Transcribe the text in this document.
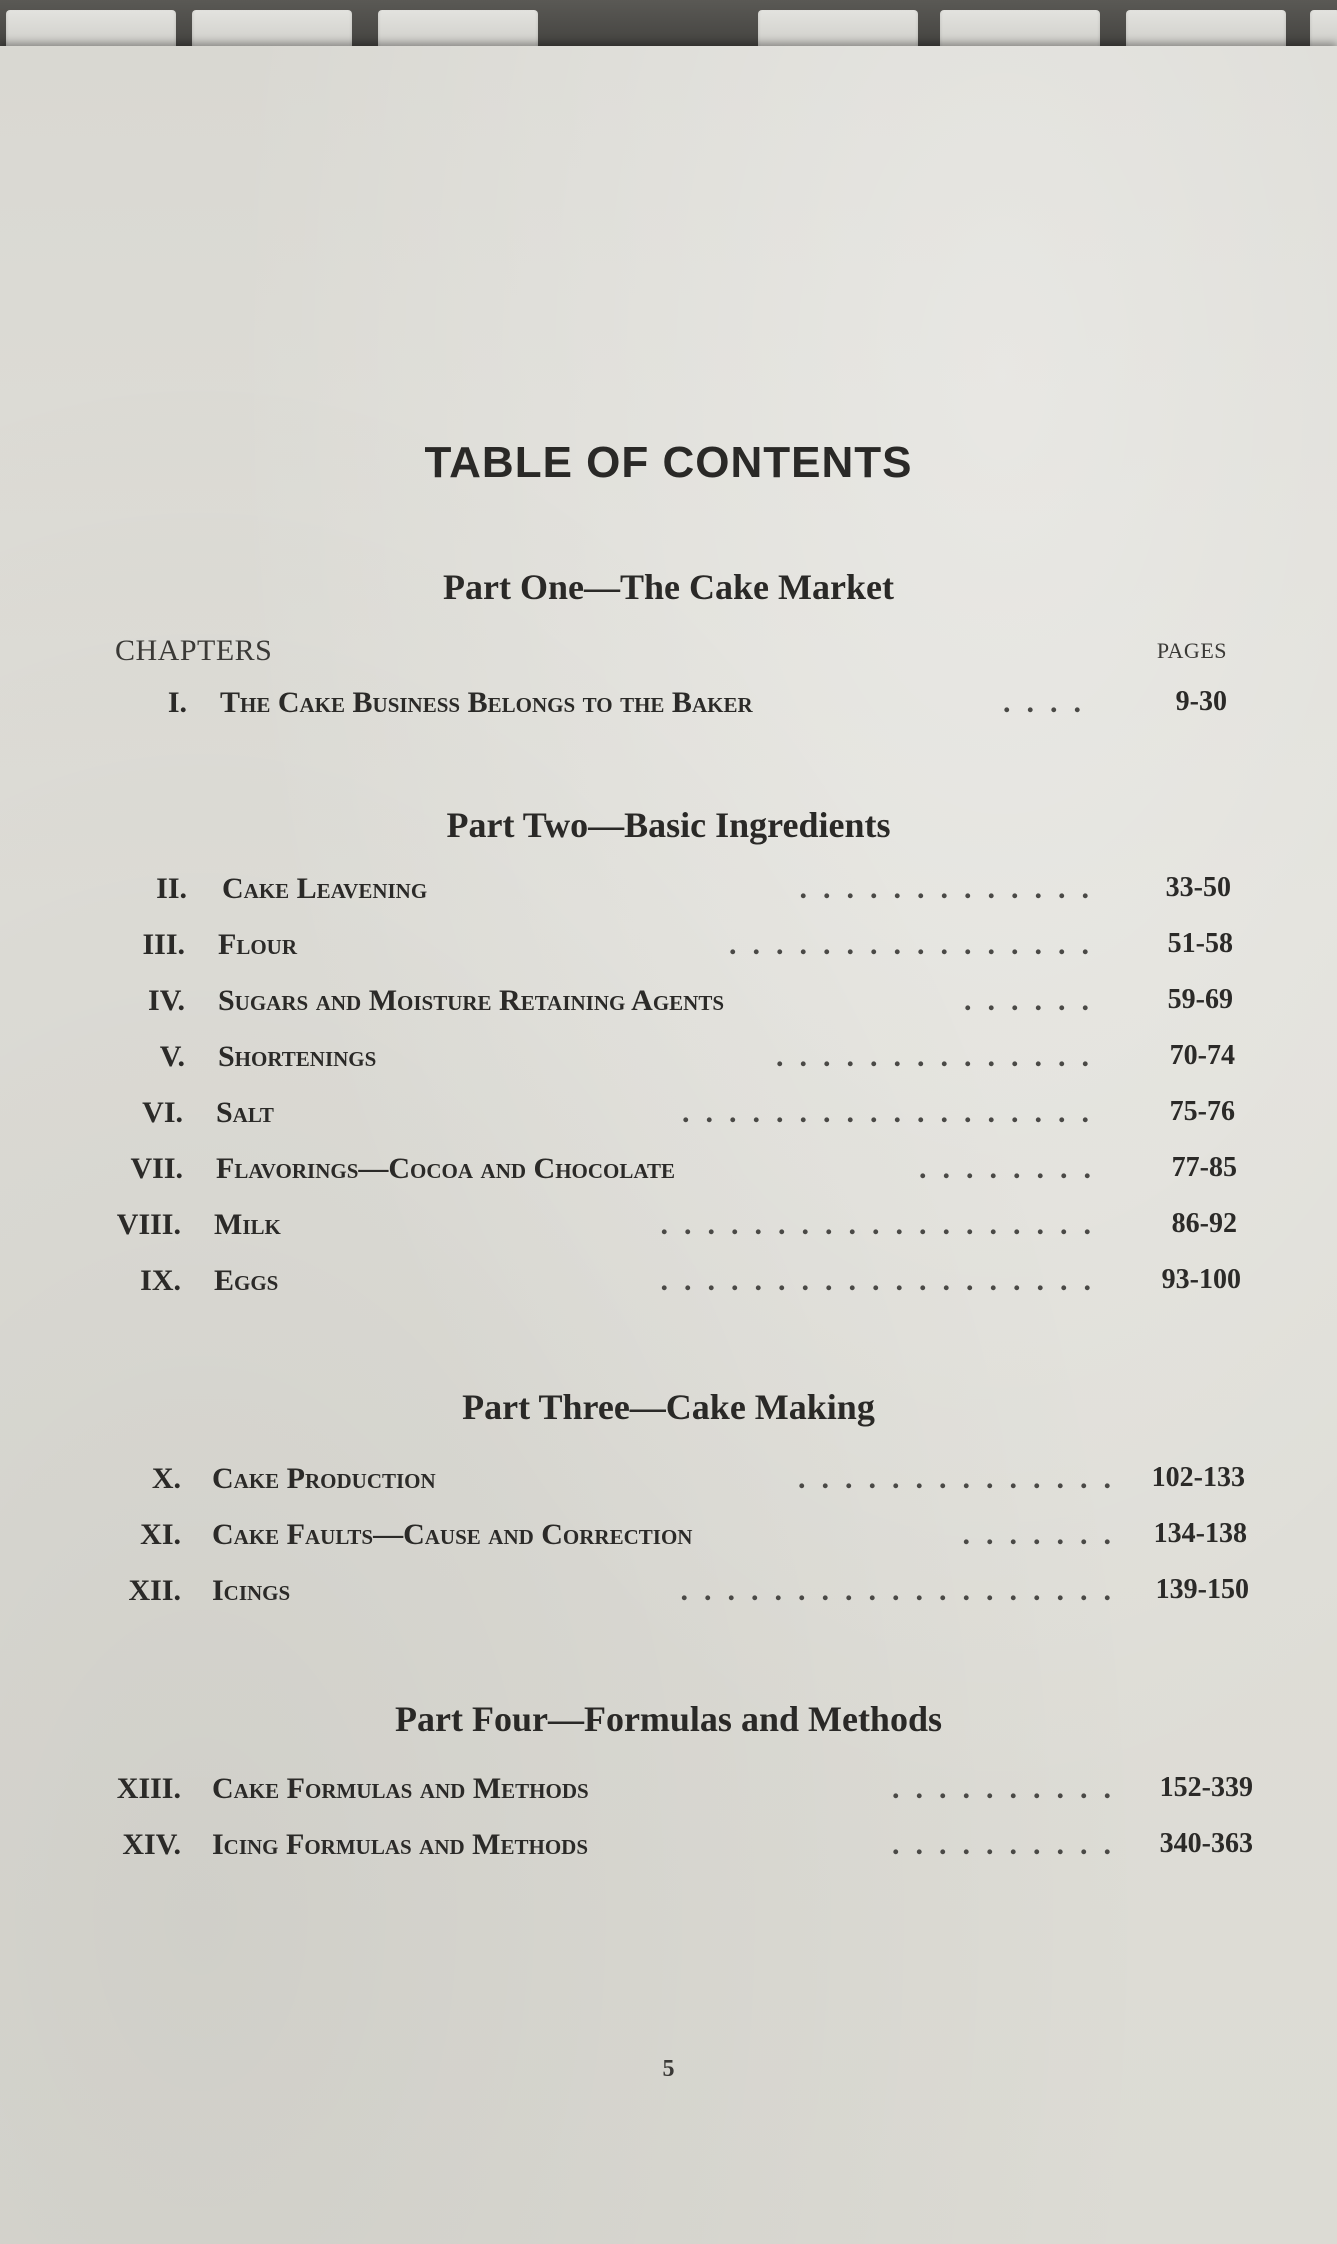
TABLE OF CONTENTS
Part One—The Cake Market
CHAPTERS	PAGES
I. The Cake Business Belongs to the Baker	....	9-30
Part Two—Basic Ingredients
II. Cake Leavening	............. 33-50
III. Flour	................ 51-58
IV. Sugars and Moisture Retaining Agents	...... 59-69
V. Shortenings	.............. 70-74
VI. Salt	.................. 75-76
VII. Flavorings—Cocoa and Chocolate	........ 77-85
VIII. Milk	................... 86-92
IX. Eggs	................... 93-100
Part Three—Cake Making
X. Cake Production	.............. 102-133
XI. Cake Faults—Cause and Correction	....... 134-138
XII. Icings	................... 139-150
Part Four—Formulas and Methods
XIII. Cake Formulas and Methods	.......... 152-339
XIV. Icing Formulas and Methods	.......... 340-363
5
